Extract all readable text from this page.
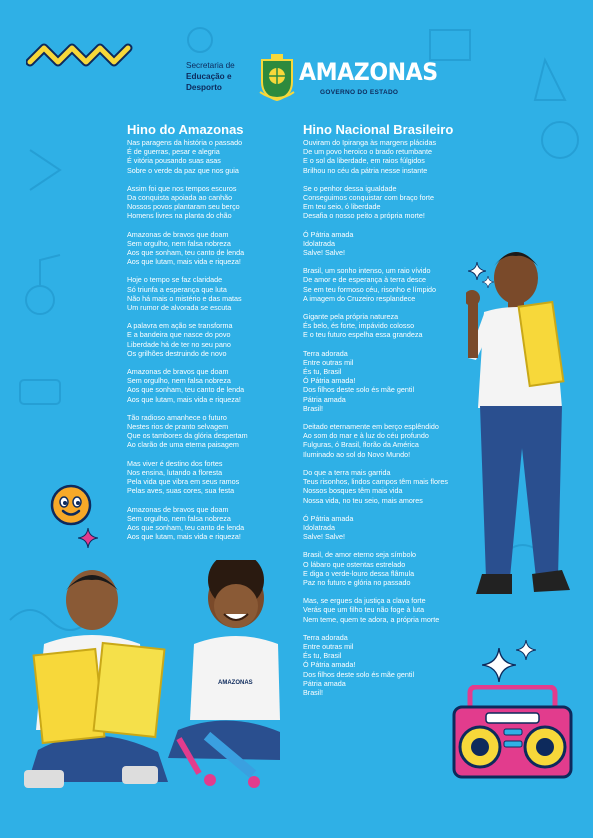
Secretaria de
Educação e
Desporto
AMAZONAS
GOVERNO DO ESTADO
Hino do Amazonas
Nas paragens da história o passado
É de guerras, pesar e alegria
É vitória pousando suas asas
Sobre o verde da paz que nos guia
Assim foi que nos tempos escuros
Da conquista apoiada ao canhão
Nossos povos plantaram seu berço
Homens livres na planta do chão
Amazonas de bravos que doam
Sem orgulho, nem falsa nobreza
Aos que sonham, teu canto de lenda
Aos que lutam, mais vida e riqueza!
Hoje o tempo se faz claridade
Só triunfa a esperança que luta
Não há mais o mistério e das matas
Um rumor de alvorada se escuta
A palavra em ação se transforma
E a bandeira que nasce do povo
Liberdade há de ter no seu pano
Os grilhões destruindo de novo
Amazonas de bravos que doam
Sem orgulho, nem falsa nobreza
Aos que sonham, teu canto de lenda
Aos que lutam, mais vida e riqueza!
Tão radioso amanhece o futuro
Nestes rios de pranto selvagem
Que os tambores da glória despertam
Ao clarão de uma eterna paisagem
Mas viver é destino dos fortes
Nos ensina, lutando a floresta
Pela vida que vibra em seus ramos
Pelas aves, suas cores, sua festa
Amazonas de bravos que doam
Sem orgulho, nem falsa nobreza
Aos que sonham, teu canto de lenda
Aos que lutam, mais vida e riqueza!
Hino Nacional Brasileiro
Ouviram do Ipiranga às margens plácidas
De um povo heroico o brado retumbante
E o sol da liberdade, em raios fúlgidos
Brilhou no céu da pátria nesse instante
Se o penhor dessa igualdade
Conseguimos conquistar com braço forte
Em teu seio, ó liberdade
Desafia o nosso peito a própria morte!
Ó Pátria amada
Idolatrada
Salve! Salve!
Brasil, um sonho intenso, um raio vívido
De amor e de esperança à terra desce
Se em teu formoso céu, risonho e límpido
A imagem do Cruzeiro resplandece
Gigante pela própria natureza
És belo, és forte, impávido colosso
E o teu futuro espelha essa grandeza
Terra adorada
Entre outras mil
És tu, Brasil
Ó Pátria amada!
Dos filhos deste solo és mãe gentil
Pátria amada
Brasil!
Deitado eternamente em berço esplêndido
Ao som do mar e à luz do céu profundo
Fulguras, ó Brasil, florão da América
Iluminado ao sol do Novo Mundo!
Do que a terra mais garrida
Teus risonhos, lindos campos têm mais flores
Nossos bosques têm mais vida
Nossa vida, no teu seio, mais amores
Ó Pátria amada
Idolatrada
Salve! Salve!
Brasil, de amor eterno seja símbolo
O lábaro que ostentas estrelado
E diga o verde-louro dessa flâmula
Paz no futuro e glória no passado
Mas, se ergues da justiça a clava forte
Verás que um filho teu não foge à luta
Nem teme, quem te adora, a própria morte
Terra adorada
Entre outras mil
És tu, Brasil
Ó Pátria amada!
Dos filhos deste solo és mãe gentil
Pátria amada
Brasil!
AMAZONAS
